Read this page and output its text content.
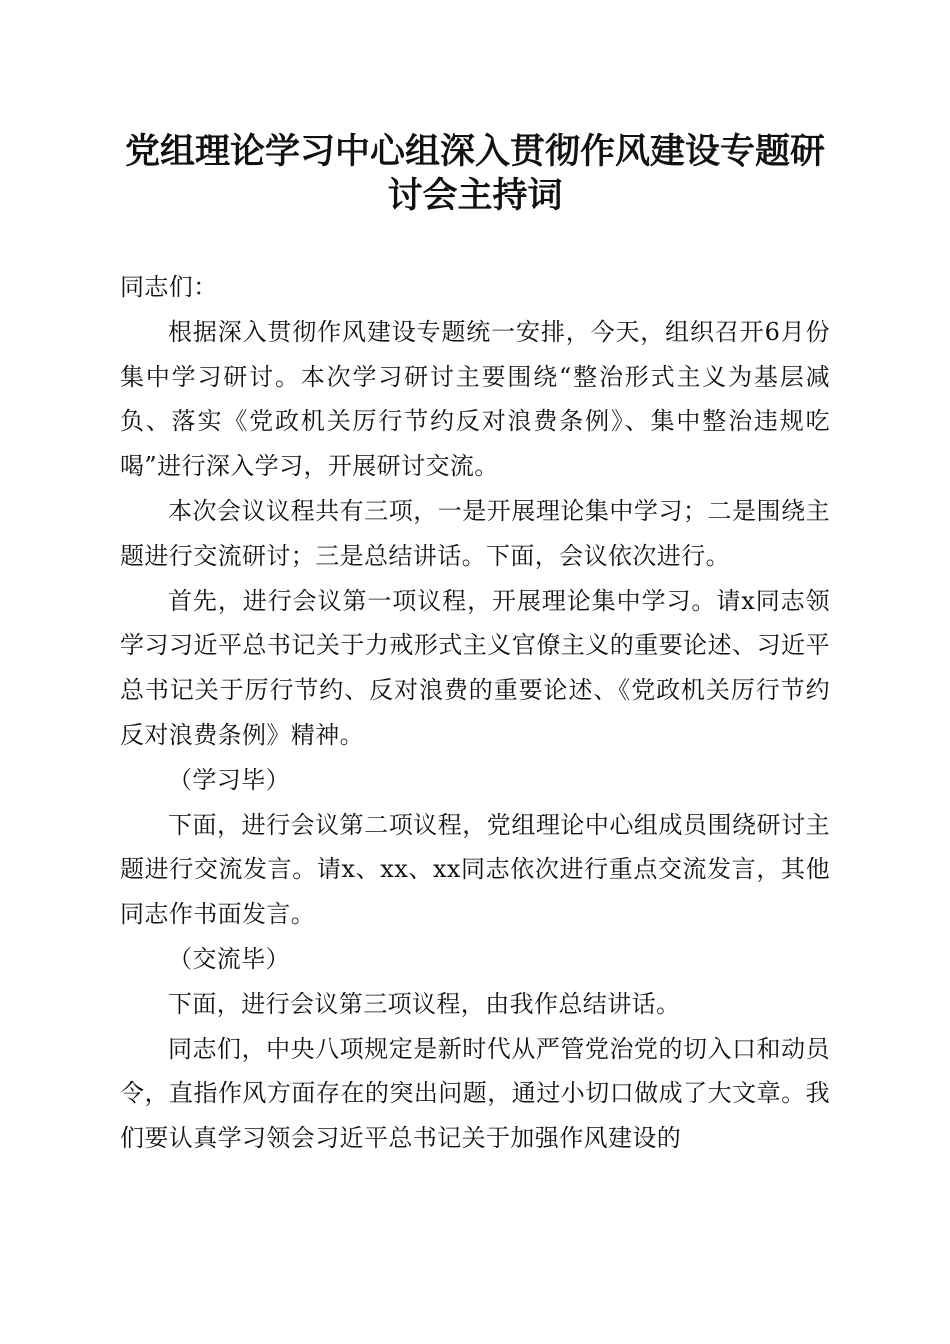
党组理论学习中心组深入贯彻作风建设专题研
讨会主持词

同志们：

根据深入贯彻作风建设专题统一安排，今天，组织召开6月份集中学习研讨。本次学习研讨主要围绕“整治形式主义为基层减负、落实《党政机关厉行节约反对浪费条例》、集中整治违规吃喝”进行深入学习，开展研讨交流。

本次会议议程共有三项，一是开展理论集中学习；二是围绕主题进行交流研讨；三是总结讲话。下面，会议依次进行。

首先，进行会议第一项议程，开展理论集中学习。请x同志领学习习近平总书记关于力戒形式主义官僚主义的重要论述、习近平总书记关于厉行节约、反对浪费的重要论述、《党政机关厉行节约反对浪费条例》精神。

（学习毕）

下面，进行会议第二项议程，党组理论中心组成员围绕研讨主题进行交流发言。请x、xx、xx同志依次进行重点交流发言，其他同志作书面发言。

（交流毕）

下面，进行会议第三项议程，由我作总结讲话。

同志们，中央八项规定是新时代从严管党治党的切入口和动员令，直指作风方面存在的突出问题，通过小切口做成了大文章。我们要认真学习领会习近平总书记关于加强作风建设的
